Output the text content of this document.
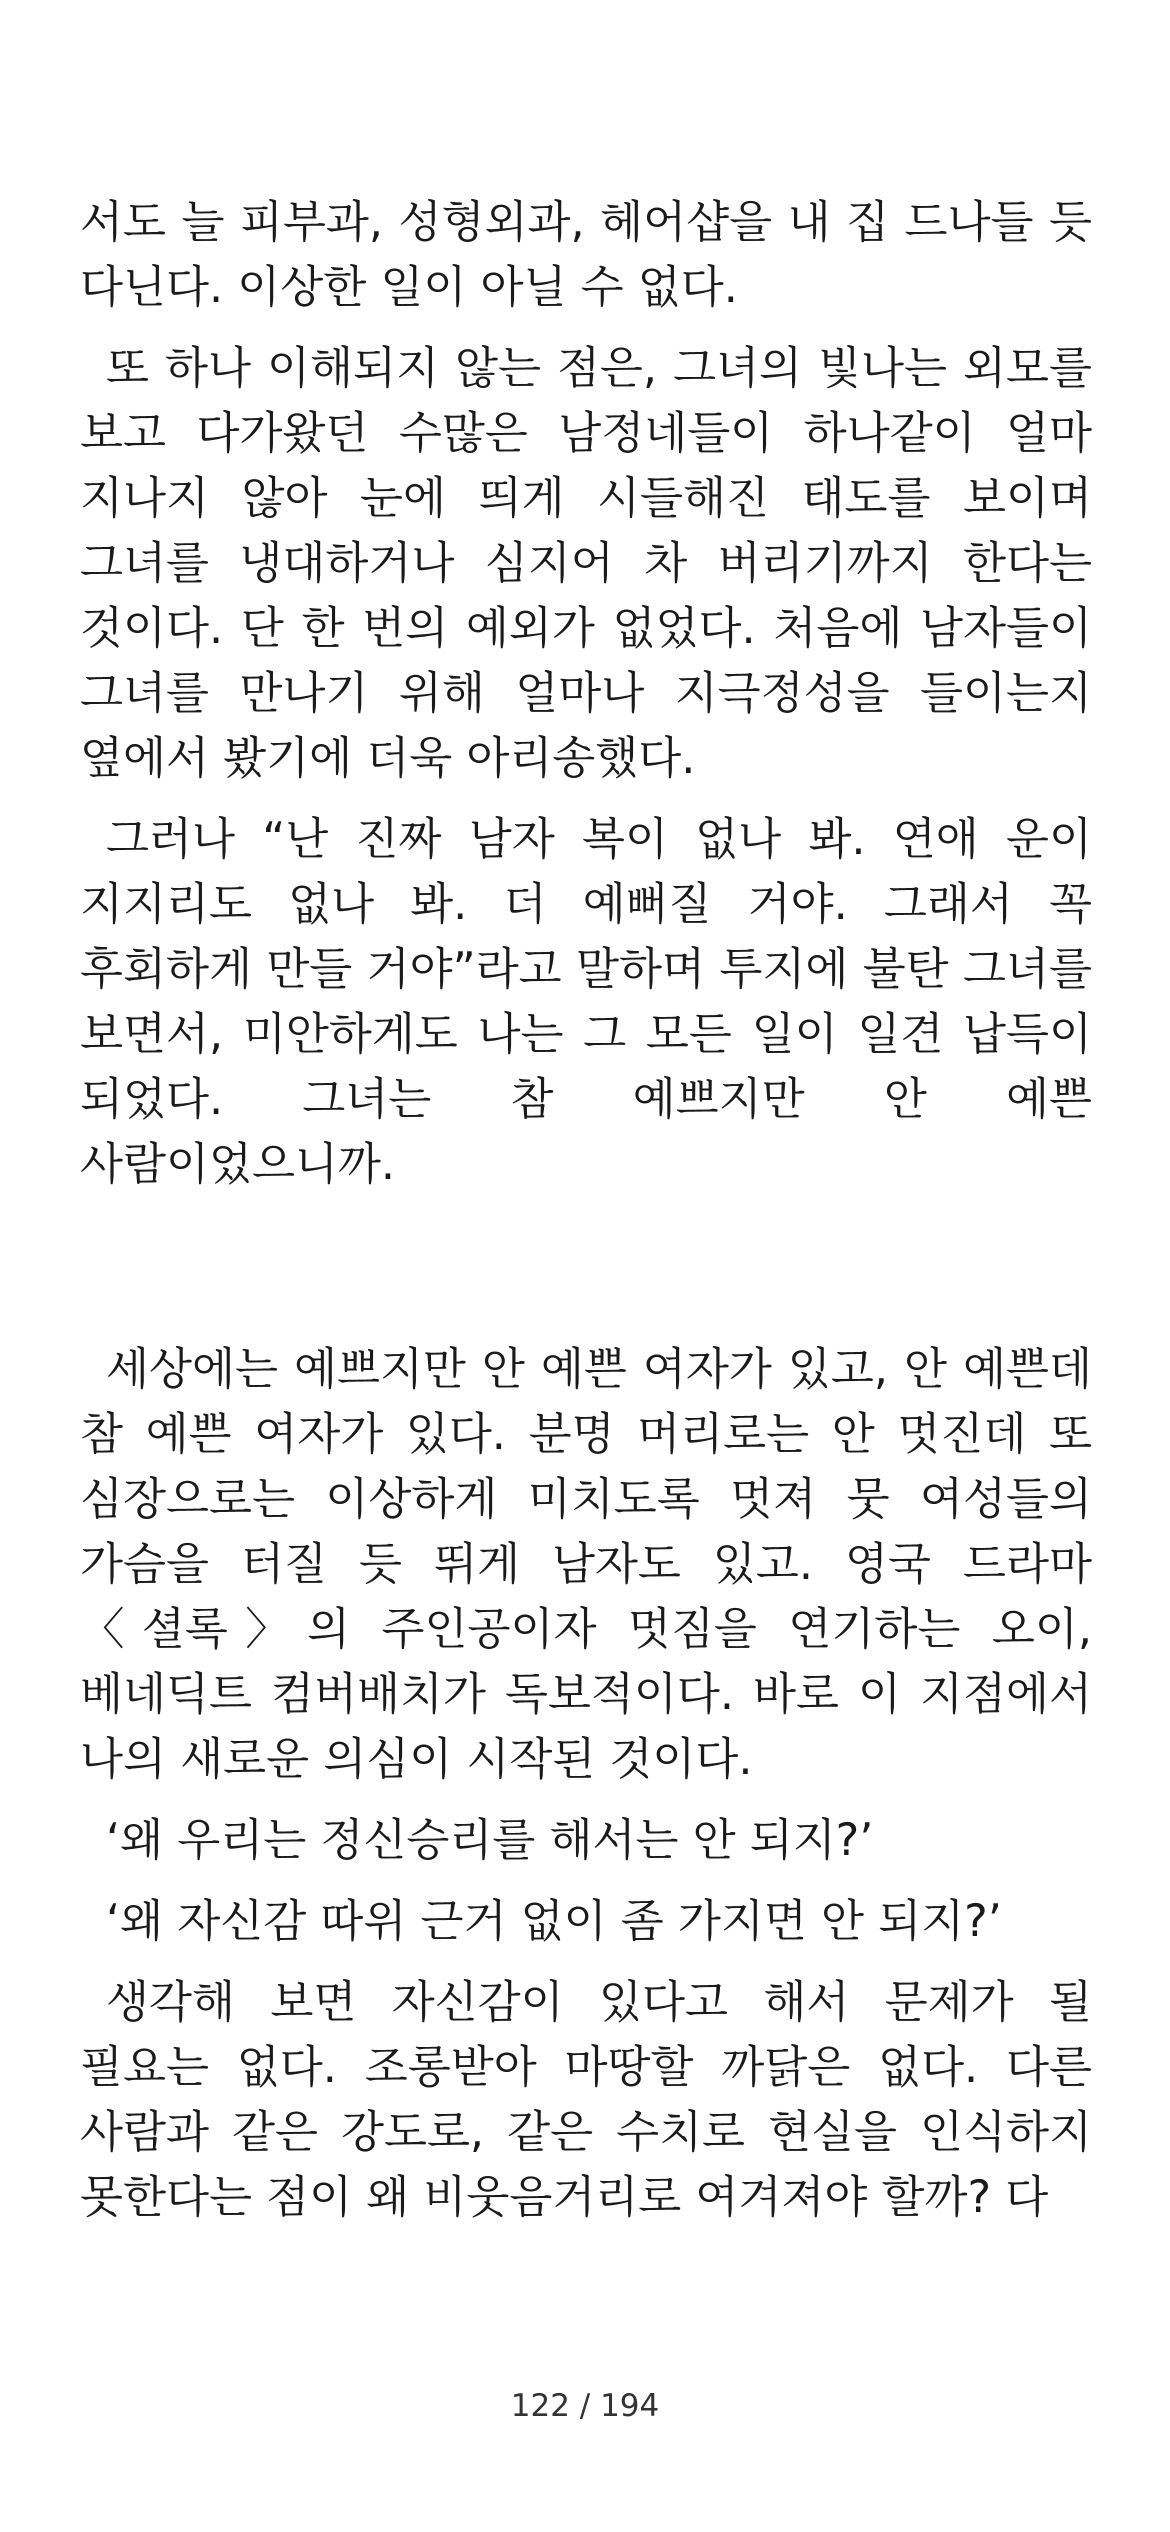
서도 늘 피부과, 성형외과, 헤어샵을 내 집 드나들 듯 다닌다. 이상한 일이 아닐 수 없다.

또 하나 이해되지 않는 점은, 그녀의 빛나는 외모를 보고 다가왔던 수많은 남정네들이 하나같이 얼마 지나지 않아 눈에 띄게 시들해진 태도를 보이며 그녀를 냉대하거나 심지어 차 버리기까지 한다는 것이다. 단 한 번의 예외가 없었다. 처음에 남자들이 그녀를 만나기 위해 얼마나 지극정성을 들이는지 옆에서 봤기에 더욱 아리송했다.

그러나 “난 진짜 남자 복이 없나 봐. 연애 운이 지지리도 없나 봐. 더 예뻐질 거야. 그래서 꼭 후회하게 만들 거야”라고 말하며 투지에 불탄 그녀를 보면서, 미안하게도 나는 그 모든 일이 일견 납득이 되었다. 그녀는 참 예쁘지만 안 예쁜 사람이었으니까.

세상에는 예쁘지만 안 예쁜 여자가 있고, 안 예쁜데 참 예쁜 여자가 있다. 분명 머리로는 안 멋진데 또 심장으로는 이상하게 미치도록 멋져 뭇 여성들의 가슴을 터질 듯 뛰게 남자도 있고. 영국 드라마 〈셜록〉의 주인공이자 멋짐을 연기하는 오이, 베네딕트 컴버배치가 독보적이다. 바로 이 지점에서 나의 새로운 의심이 시작된 것이다.

‘왜 우리는 정신승리를 해서는 안 되지?’

‘왜 자신감 따위 근거 없이 좀 가지면 안 되지?’

생각해 보면 자신감이 있다고 해서 문제가 될 필요는 없다. 조롱받아 마땅할 까닭은 없다. 다른 사람과 같은 강도로, 같은 수치로 현실을 인식하지 못한다는 점이 왜 비웃음거리로 여겨져야 할까? 다

122 / 194
